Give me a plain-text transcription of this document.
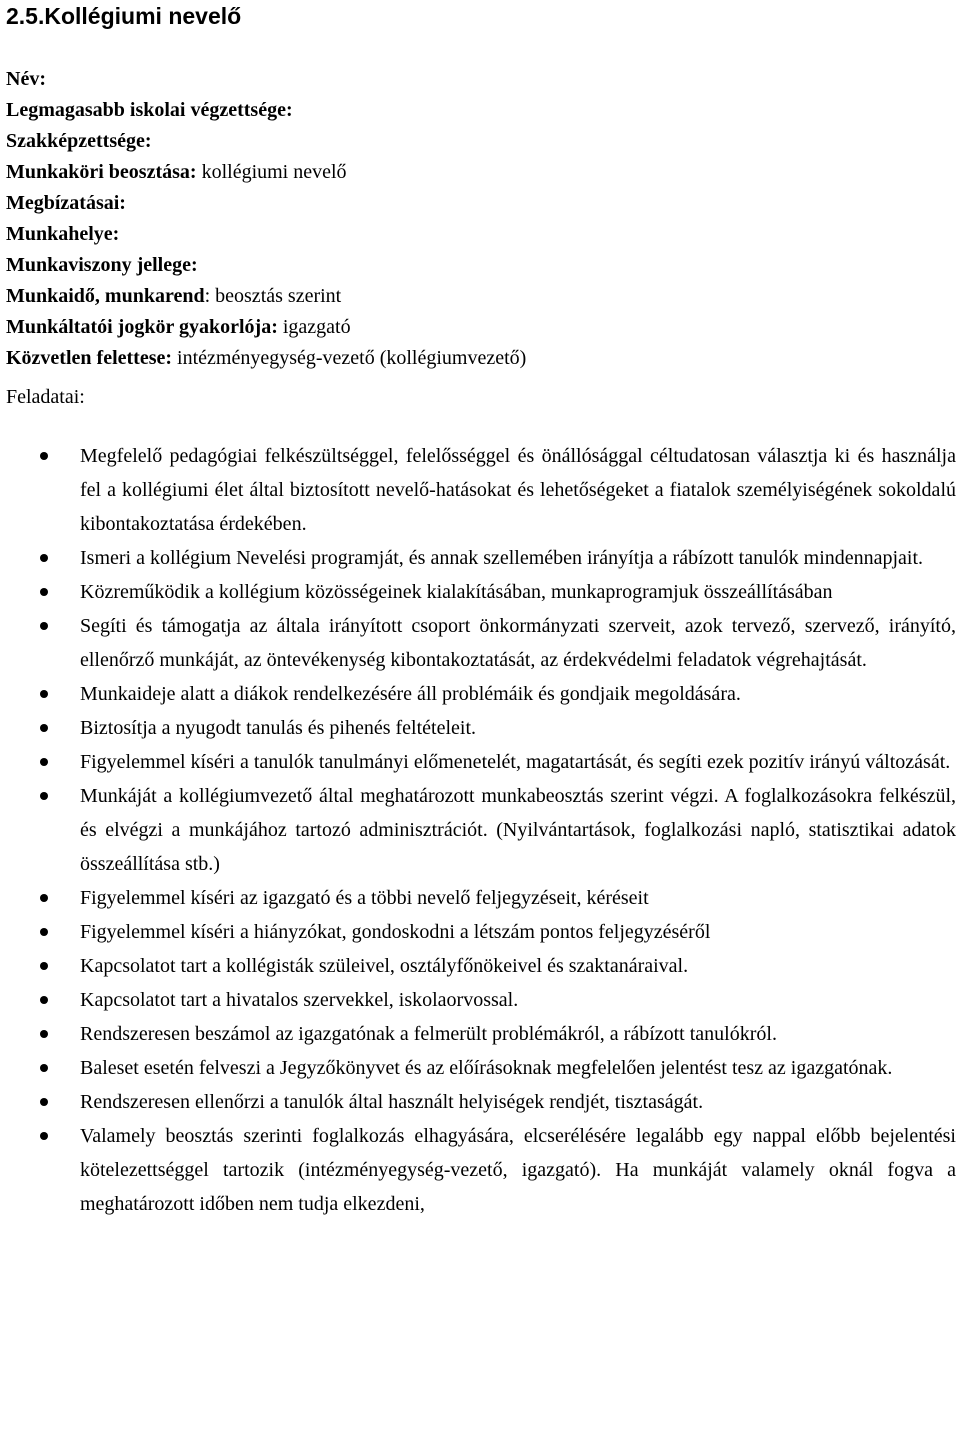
2.5.Kollégiumi nevelő
Név:
Legmagasabb iskolai végzettsége:
Szakképzettsége:
Munkaköri beosztása: kollégiumi nevelő
Megbízatásai:
Munkahelye:
Munkaviszony jellege:
Munkaidő, munkarend: beosztás szerint
Munkáltatói jogkör gyakorlója: igazgató
Közvetlen felettese: intézményegység-vezető (kollégiumvezető)
Feladatai:
Megfelelő pedagógiai felkészültséggel, felelősséggel és önállósággal céltudatosan választja ki és használja fel a kollégiumi élet által biztosított nevelő-hatásokat és lehetőségeket a fiatalok személyiségének sokoldalú kibontakoztatása érdekében.
Ismeri a kollégium Nevelési programját, és annak szellemében irányítja a rábízott tanulók mindennapjait.
Közreműködik a kollégium közösségeinek kialakításában, munkaprogramjuk összeállításában
Segíti és támogatja az általa irányított csoport önkormányzati szerveit, azok tervező, szervező, irányító, ellenőrző munkáját, az öntevékenység kibontakoztatását, az érdekvédelmi feladatok végrehajtását.
Munkaideje alatt a diákok rendelkezésére áll problémáik és gondjaik megoldására.
Biztosítja a nyugodt tanulás és pihenés feltételeit.
Figyelemmel kíséri a tanulók tanulmányi előmenetelét, magatartását, és segíti ezek pozitív irányú változását.
Munkáját a kollégiumvezető által meghatározott munkabeosztás szerint végzi. A foglalkozásokra felkészül, és elvégzi a munkájához tartozó adminisztrációt. (Nyilvántartások, foglalkozási napló, statisztikai adatok összeállítása stb.)
Figyelemmel kíséri az igazgató és a többi nevelő feljegyzéseit, kéréseit
Figyelemmel kíséri a hiányzókat, gondoskodni a létszám pontos feljegyzéséről
Kapcsolatot tart a kollégisták szüleivel, osztályfőnökeivel és szaktanáraival.
Kapcsolatot tart a hivatalos szervekkel, iskolaorvossal.
Rendszeresen beszámol az igazgatónak a felmerült problémákról, a rábízott tanulókról.
Baleset esetén felveszi a Jegyzőkönyvet és az előírásoknak megfelelően jelentést tesz az igazgatónak.
Rendszeresen ellenőrzi a tanulók által használt helyiségek rendjét, tisztaságát.
Valamely beosztás szerinti foglalkozás elhagyására, elcserélésére legalább egy nappal előbb bejelentési kötelezettséggel tartozik (intézményegység-vezető, igazgató). Ha munkáját valamely oknál fogva a meghatározott időben nem tudja elkezdeni,
